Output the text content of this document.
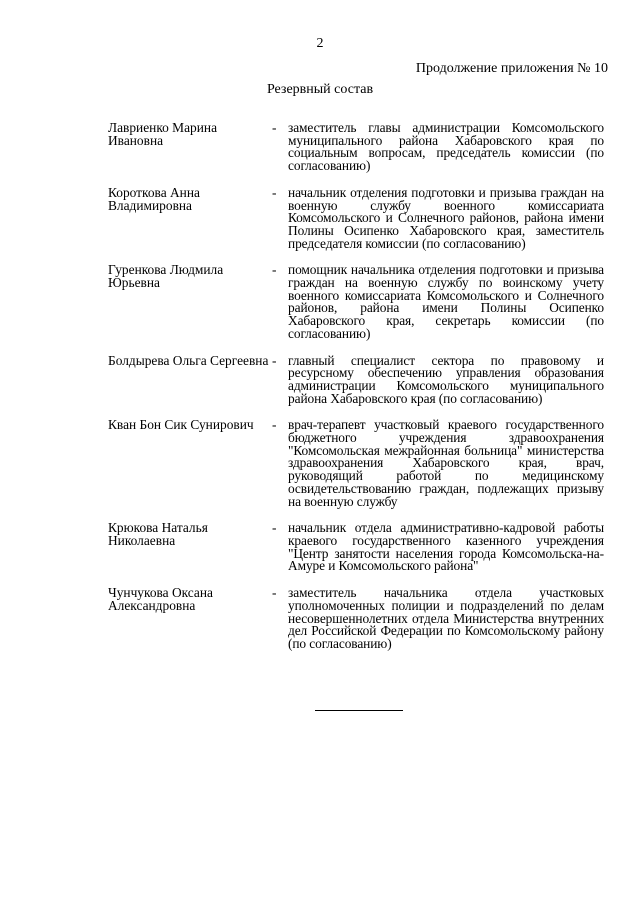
2
Продолжение приложения № 10
Резервный состав
Лавриенко Марина Ивановна
- заместитель главы администрации Комсомольского муниципального района Хабаровского края по социальным вопросам, председатель комиссии (по согласованию)
Короткова Анна Владимировна
- начальник отделения подготовки и призыва граждан на военную службу военного комиссариата Комсомольского и Солнечного районов, района имени Полины Осипенко Хабаровского края, заместитель председателя комиссии (по согласованию)
Гуренкова Людмила Юрьевна
- помощник начальника отделения подготовки и призыва граждан на военную службу по воинскому учету военного комиссариата Комсомольского и Солнечного районов, района имени Полины Осипенко Хабаровского края, секретарь комиссии (по согласованию)
Болдырева Ольга Сергеевна - главный специалист сектора по правовому и ресурсному обеспечению управления образования администрации Комсомольского муниципального района Хабаровского края (по согласованию)
Кван Бон Сик Сунирович	- врач-терапевт участковый краевого государственного бюджетного учреждения здравоохранения "Комсомольская межрайонная больница" министерства здравоохранения Хабаровского края, врач, руководящий работой по медицинскому освидетельствованию граждан, подлежащих призыву на военную службу
Крюкова Наталья Николаевна
- начальник отдела административно-кадровой работы краевого государственного казенного учреждения "Центр занятости населения города Комсомольска-на-Амуре и Комсомольского района"
Чунчукова Оксана Александровна
- заместитель начальника отдела участковых уполномоченных полиции и подразделений по делам несовершеннолетних отдела Министерства внутренних дел Российской Федерации по Комсомольскому району (по согласованию)
